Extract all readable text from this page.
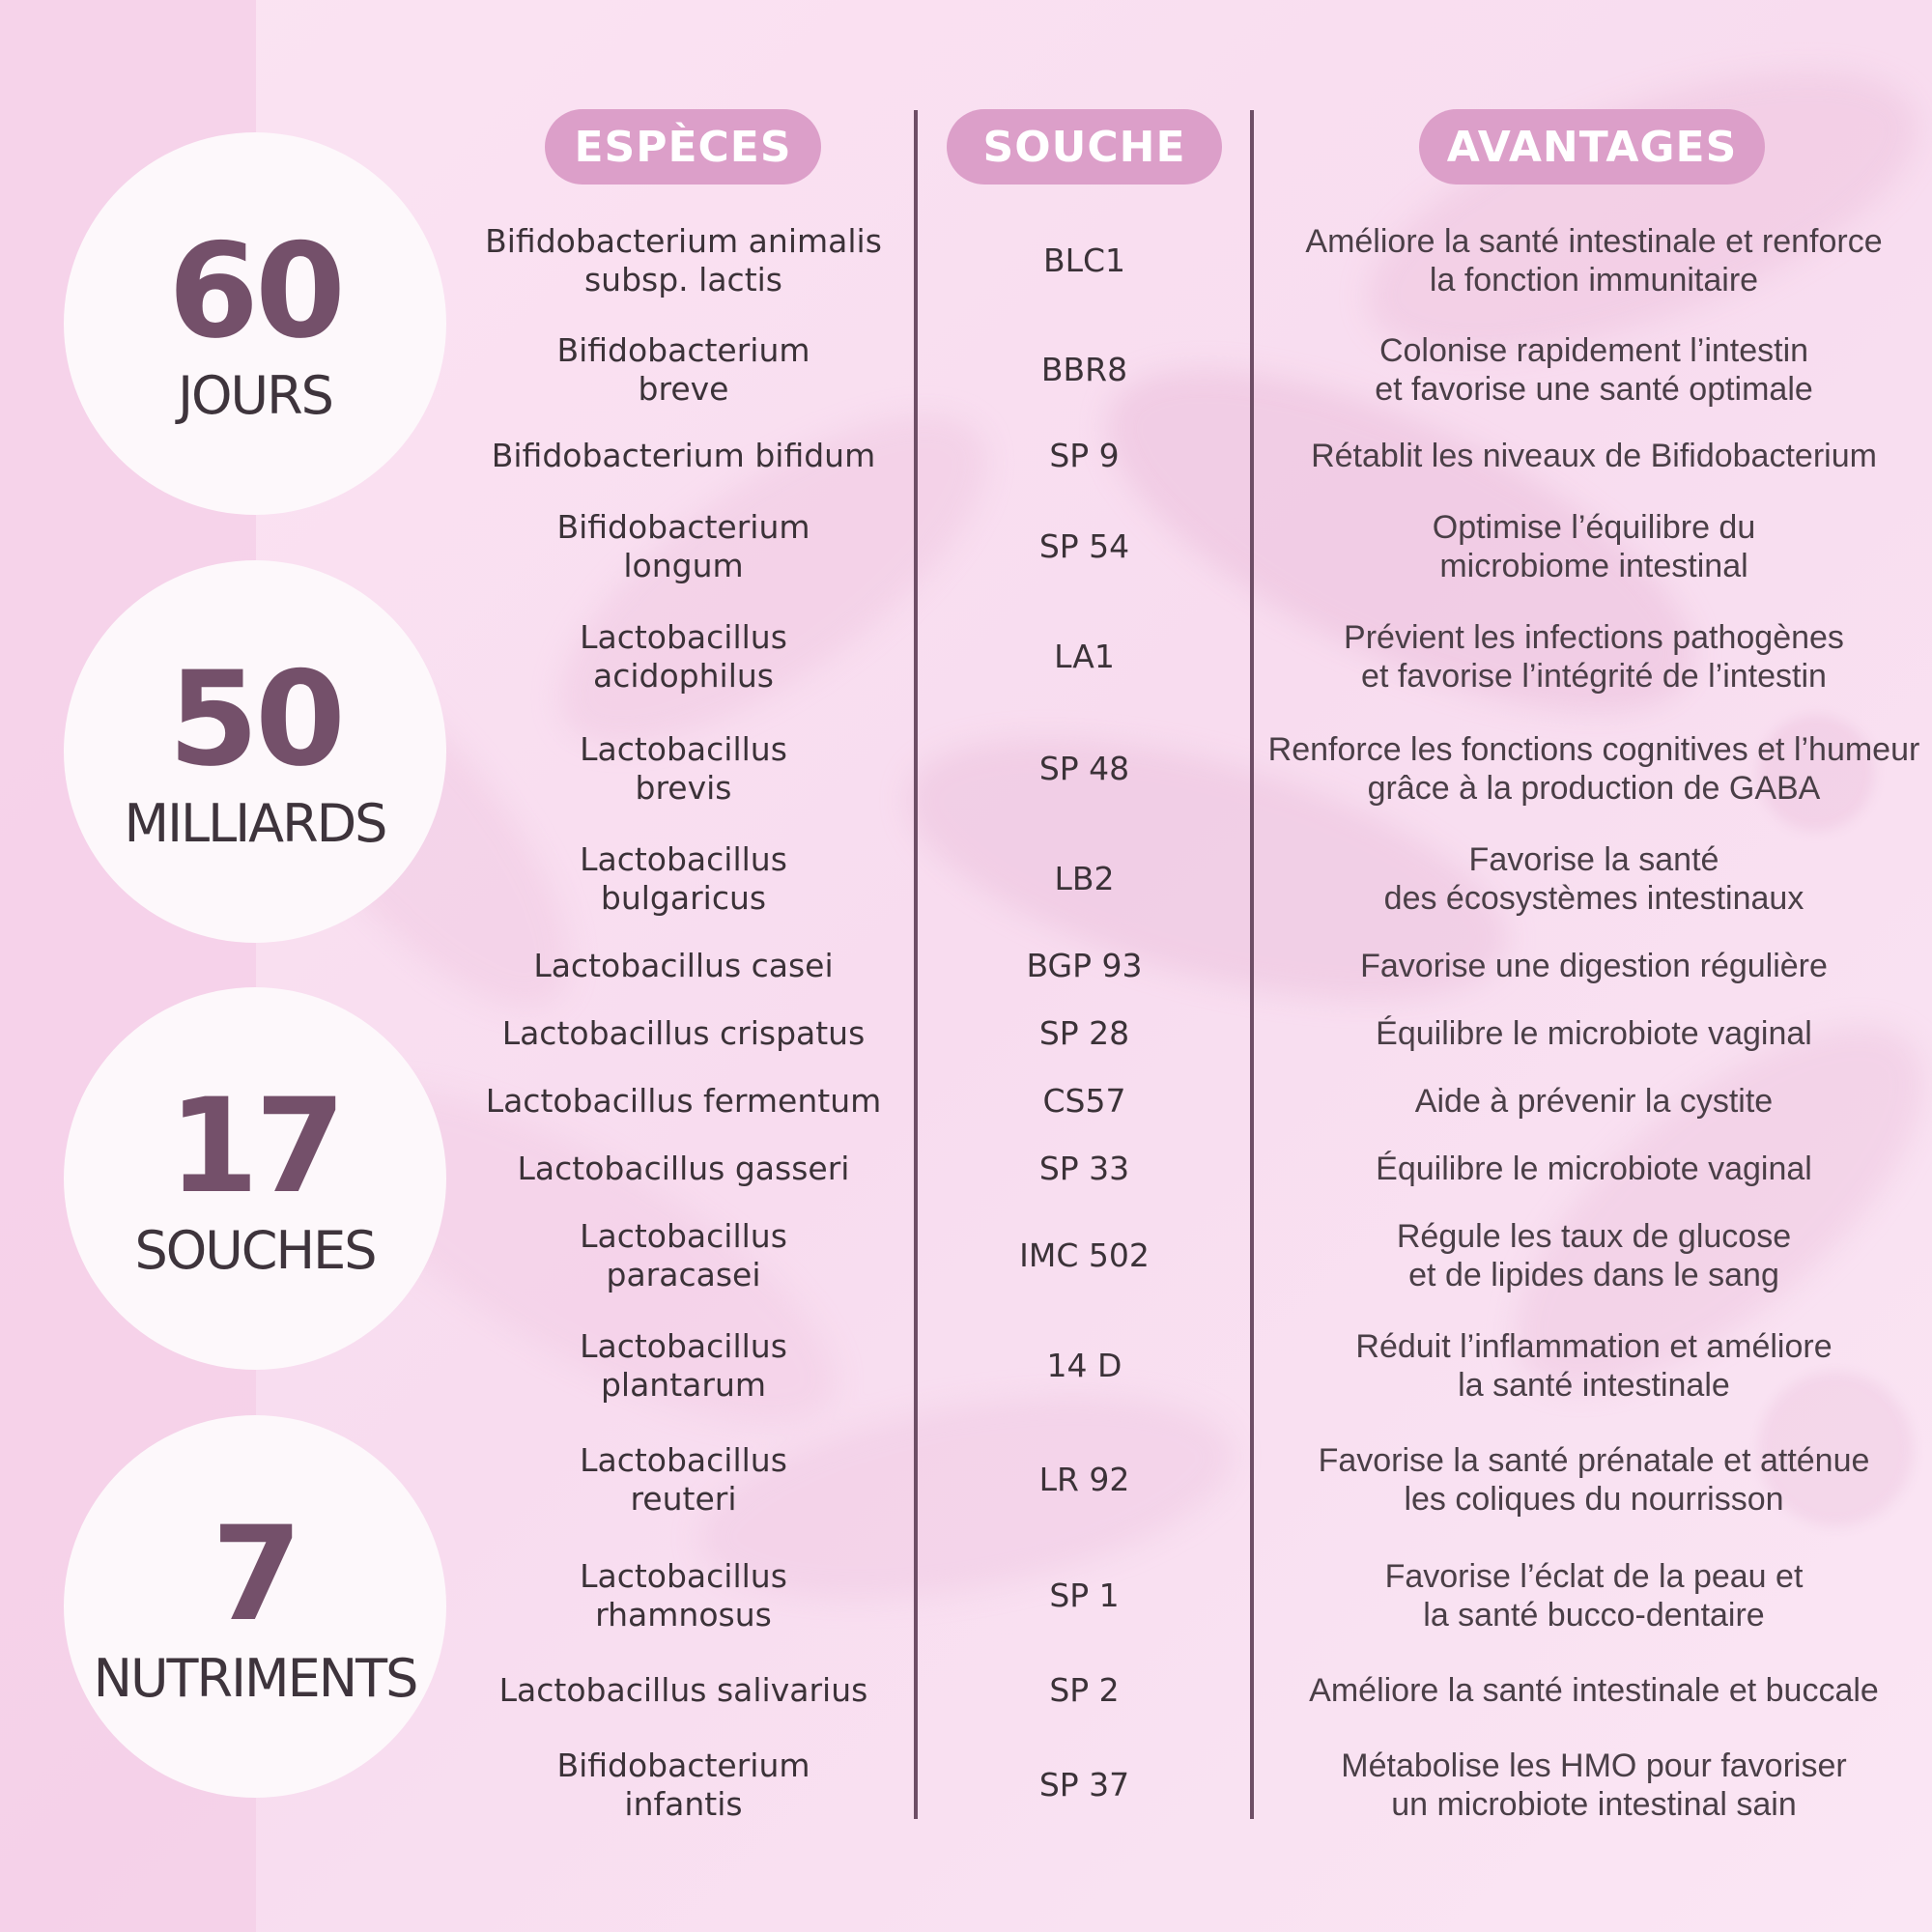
60
JOURS
50
MILLIARDS
17
SOUCHES
7
NUTRIMENTS
ESPÈCES	SOUCHE	AVANTAGES
Bifidobacterium animalis
subsp. lactis
BLC1	Améliore la santé intestinale et renforce
la fonction immunitaire
Bifidobacterium
breve
BBR8	Colonise rapidement l’intestin
et favorise une santé optimale
Bifidobacterium bifidum	SP 9	Rétablit les niveaux de Bifidobacterium
Bifidobacterium
longum
SP 54	Optimise l’équilibre du
microbiome intestinal
Lactobacillus
acidophilus
LA1	Prévient les infections pathogènes
et favorise l’intégrité de l’intestin
Lactobacillus
brevis
SP 48	Renforce les fonctions cognitives et l’humeur
grâce à la production de GABA
Lactobacillus
bulgaricus
LB2	Favorise la santé
des écosystèmes intestinaux
Lactobacillus casei	BGP 93	Favorise une digestion régulière
Lactobacillus crispatus	SP 28	Équilibre le microbiote vaginal
Lactobacillus fermentum	CS57	Aide à prévenir la cystite
Lactobacillus gasseri	SP 33	Équilibre le microbiote vaginal
Lactobacillus
paracasei
IMC 502	Régule les taux de glucose
et de lipides dans le sang
Lactobacillus
plantarum
14 D	Réduit l’inflammation et améliore
la santé intestinale
Lactobacillus
reuteri
LR 92	Favorise la santé prénatale et atténue
les coliques du nourrisson
Lactobacillus
rhamnosus
SP 1	Favorise l’éclat de la peau et
la santé bucco-dentaire
Lactobacillus salivarius	SP 2	Améliore la santé intestinale et buccale
Bifidobacterium
infantis
SP 37	Métabolise les HMO pour favoriser
un microbiote intestinal sain
